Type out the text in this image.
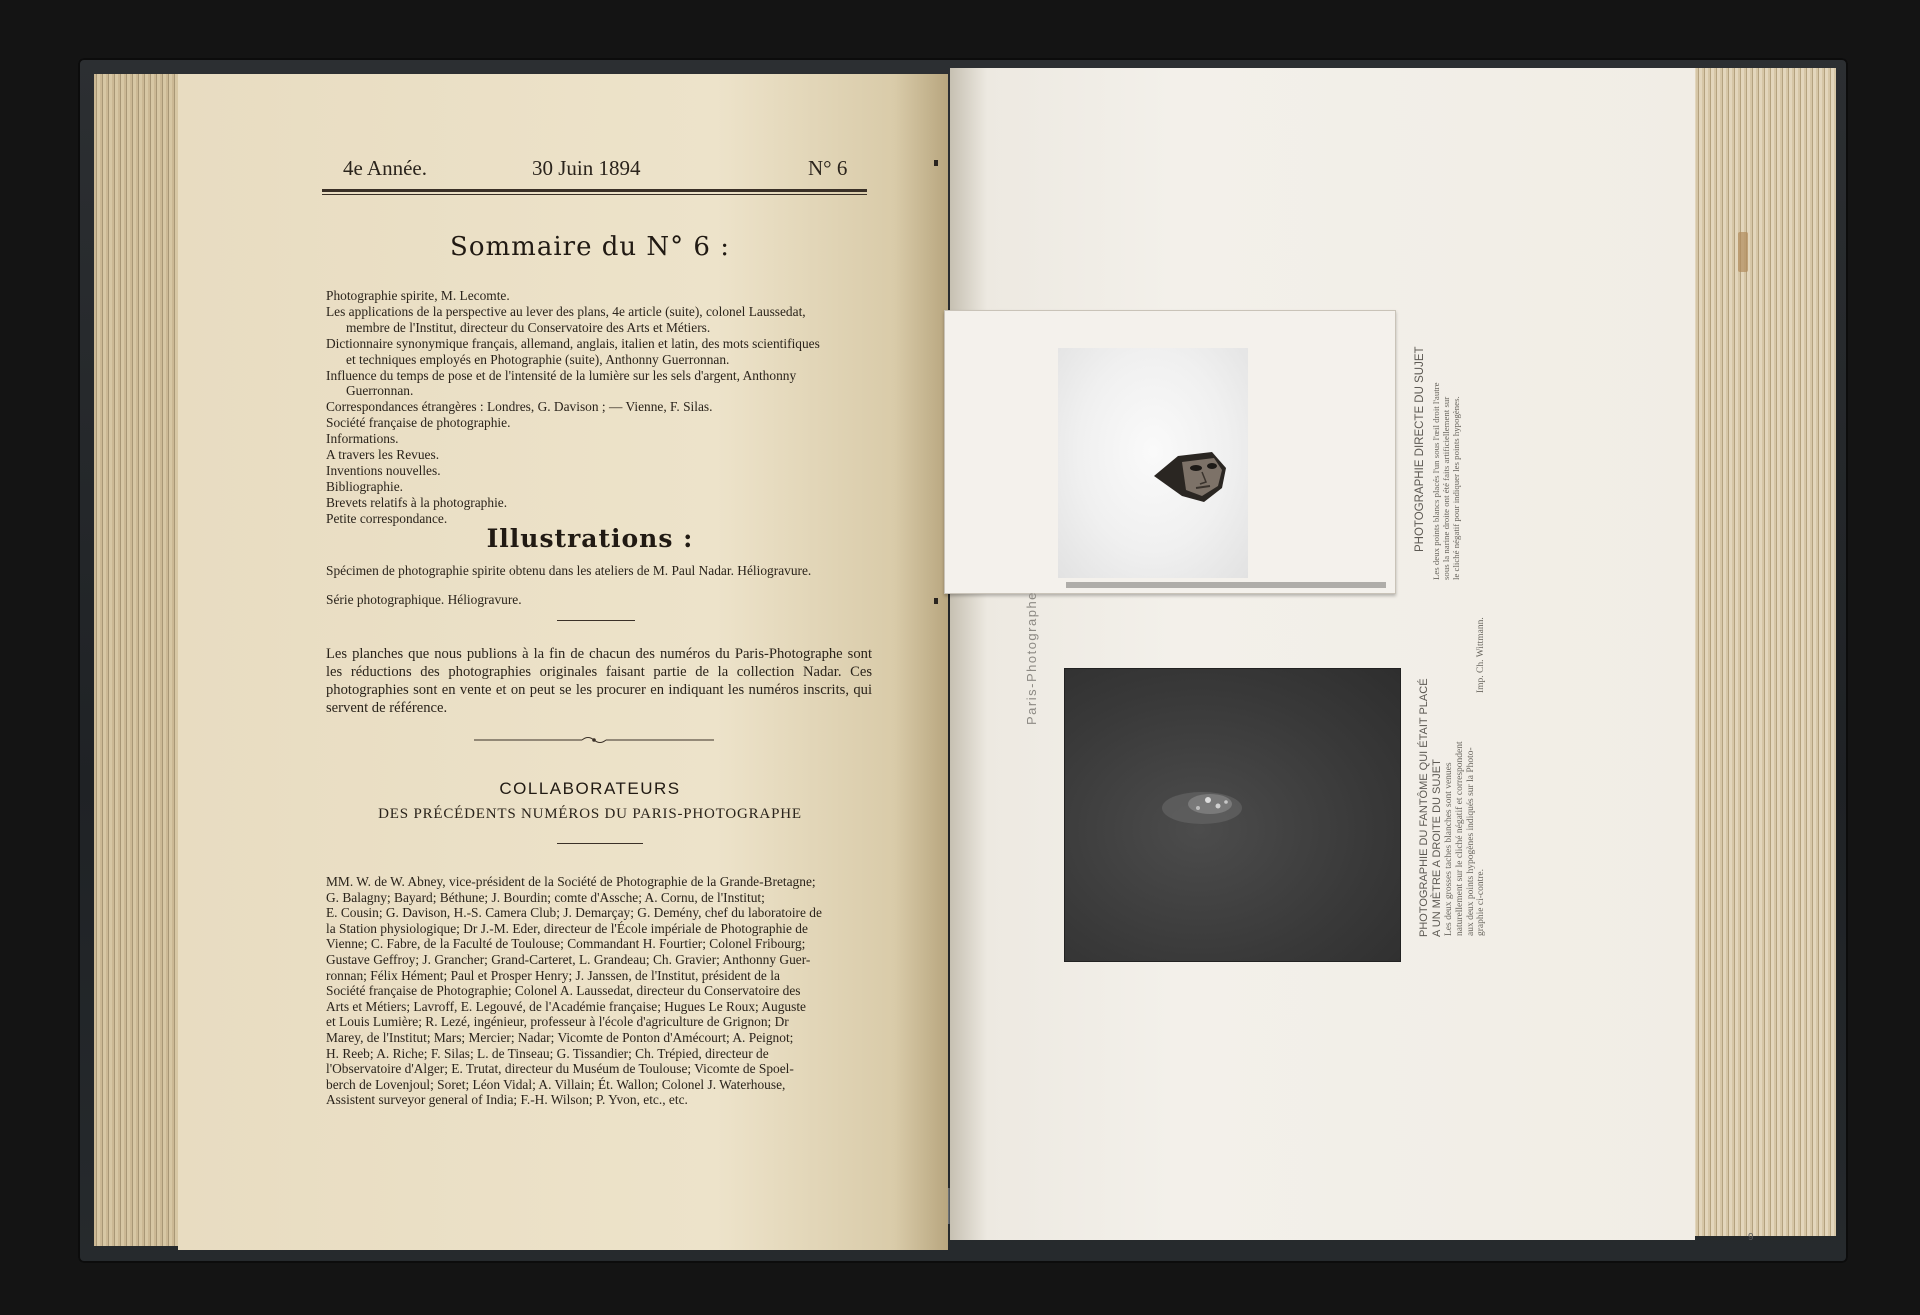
4e Année.	30 Juin 1894	N° 6
Sommaire du N° 6 :
Photographie spirite, M. Lecomte.
Les applications de la perspective au lever des plans, 4e article (suite), colonel Laussedat,
membre de l'Institut, directeur du Conservatoire des Arts et Métiers.
Dictionnaire synonymique français, allemand, anglais, italien et latin, des mots scientifiques
et techniques employés en Photographie (suite), Anthonny Guerronnan.
Influence du temps de pose et de l'intensité de la lumière sur les sels d'argent, Anthonny
Guerronnan.
Correspondances étrangères : Londres, G. Davison ; — Vienne, F. Silas.
Société française de photographie.
Informations.
A travers les Revues.
Inventions nouvelles.
Bibliographie.
Brevets relatifs à la photographie.
Petite correspondance.
Illustrations :
Spécimen de photographie spirite obtenu dans les ateliers de M. Paul Nadar. Héliogravure.
Série photographique. Héliogravure.
Les planches que nous publions à la fin de chacun des numéros du Paris-Photographe sont les réductions des photographies originales faisant partie de la collection Nadar. Ces photographies sont en vente et on peut se les procurer en indiquant les numéros inscrits, qui servent de référence.
COLLABORATEURS
DES PRÉCÉDENTS NUMÉROS DU PARIS-PHOTOGRAPHE
MM. W. de W. Abney, vice-président de la Société de Photographie de la Grande-Bretagne;
G. Balagny; Bayard; Béthune; J. Bourdin; comte d'Assche; A. Cornu, de l'Institut;
E. Cousin; G. Davison, H.-S. Camera Club; J. Demarçay; G. Demény, chef du laboratoire de
la Station physiologique; Dr J.-M. Eder, directeur de l'École impériale de Photographie de
Vienne; C. Fabre, de la Faculté de Toulouse; Commandant H. Fourtier; Colonel Fribourg;
Gustave Geffroy; J. Grancher; Grand-Carteret, L. Grandeau; Ch. Gravier; Anthonny Guer-
ronnan; Félix Hément; Paul et Prosper Henry; J. Janssen, de l'Institut, président de la
Société française de Photographie; Colonel A. Laussedat, directeur du Conservatoire des
Arts et Métiers; Lavroff, E. Legouvé, de l'Académie française; Hugues Le Roux; Auguste
et Louis Lumière; R. Lezé, ingénieur, professeur à l'école d'agriculture de Grignon; Dr
Marey, de l'Institut; Mars; Mercier; Nadar; Vicomte de Ponton d'Amécourt; A. Peignot;
H. Reeb; A. Riche; F. Silas; L. de Tinseau; G. Tissandier; Ch. Trépied, directeur de
l'Observatoire d'Alger; E. Trutat, directeur du Muséum de Toulouse; Vicomte de Spoel-
berch de Lovenjoul; Soret; Léon Vidal; A. Villain; Ét. Wallon; Colonel J. Waterhouse,
Assistent surveyor general of India; F.-H. Wilson; P. Yvon, etc., etc.
Paris-Photographe
PHOTOGRAPHIE DIRECTE DU SUJET Les deux points blancs placés l'un sous l'œil droit l'autre sous la narine droite ont été faits artificiellement sur le cliché négatif pour indiquer les points hypogènes.
Imp. Ch. Wittmann.
PHOTOGRAPHIE DU FANTÔME QUI ÉTAIT PLACÉ A UN MÈTRE A DROITE DU SUJET Les deux grosses taches blanches sont venues naturellement sur le cliché négatif et correspondent aux deux points hypogènes indiqués sur la Photo- graphie ci-contre.
9
